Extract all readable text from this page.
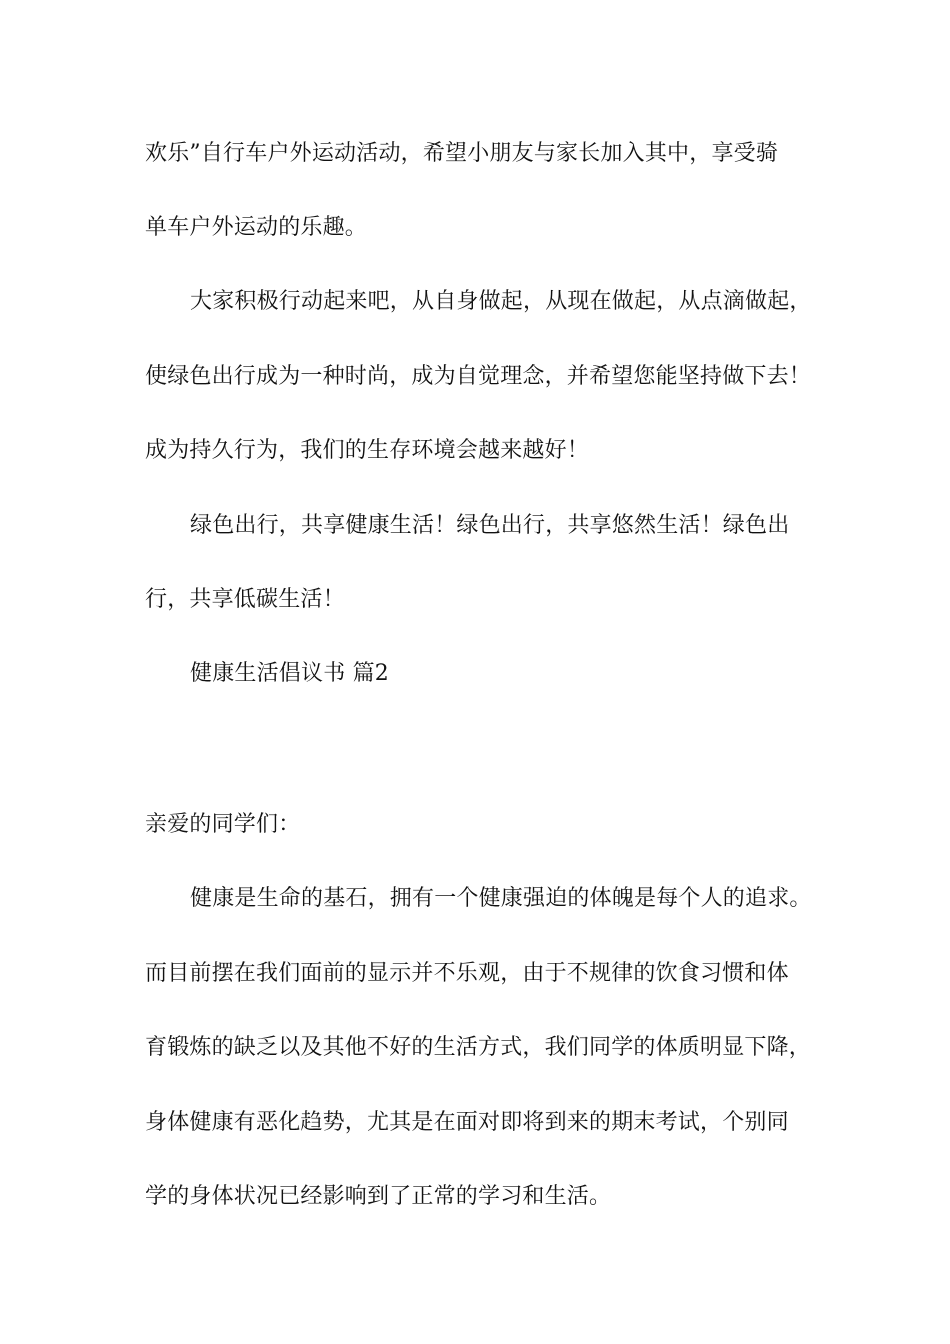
欢乐”自行车户外运动活动，希望小朋友与家长加入其中，享受骑
单车户外运动的乐趣。
大家积极行动起来吧，从自身做起，从现在做起，从点滴做起，
使绿色出行成为一种时尚，成为自觉理念，并希望您能坚持做下去！
成为持久行为，我们的生存环境会越来越好！
绿色出行，共享健康生活！绿色出行，共享悠然生活！绿色出
行，共享低碳生活！
健康生活倡议书 篇2
亲爱的同学们：
健康是生命的基石，拥有一个健康强迫的体魄是每个人的追求。
而目前摆在我们面前的显示并不乐观，由于不规律的饮食习惯和体
育锻炼的缺乏以及其他不好的生活方式，我们同学的体质明显下降，
身体健康有恶化趋势，尤其是在面对即将到来的期末考试，个别同
学的身体状况已经影响到了正常的学习和生活。
